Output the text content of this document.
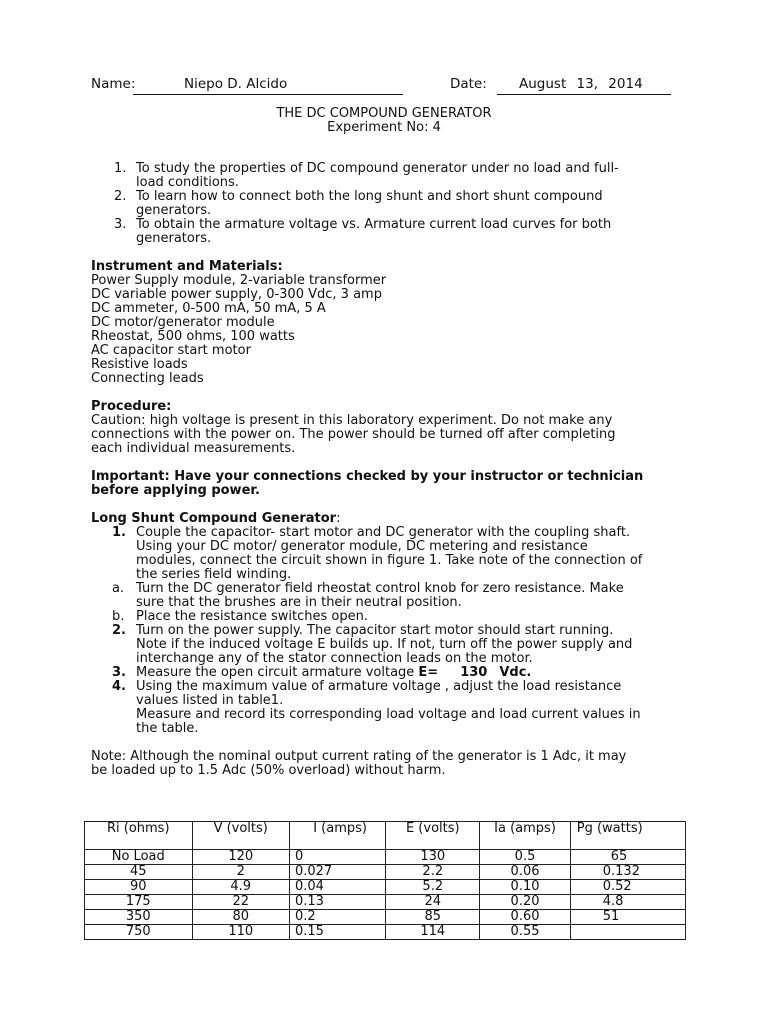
Name:	Niepo D. Alcido	Date: August 13, 2014
THE DC COMPOUND GENERATOR
Experiment No: 4
1. To study the properties of DC compound generator under no load and full-
load conditions.
2. To learn how to connect both the long shunt and short shunt compound
generators.
3. To obtain the armature voltage vs. Armature current load curves for both
generators.
Instrument and Materials:
Power Supply module, 2-variable transformer
DC variable power supply, 0-300 Vdc, 3 amp
DC ammeter, 0-500 mA, 50 mA, 5 A
DC motor/generator module
Rheostat, 500 ohms, 100 watts
AC capacitor start motor
Resistive loads
Connecting leads
Procedure:
Caution: high voltage is present in this laboratory experiment. Do not make any
connections with the power on. The power should be turned off after completing
each individual measurements.
Important: Have your connections checked by your instructor or technician
before applying power.
Long Shunt Compound Generator:
1. Couple the capacitor- start motor and DC generator with the coupling shaft.
Using your DC motor/ generator module, DC metering and resistance
modules, connect the circuit shown in figure 1. Take note of the connection of
the series field winding.
a. Turn the DC generator field rheostat control knob for zero resistance. Make
sure that the brushes are in their neutral position.
b. Place the resistance switches open.
2. Turn on the power supply. The capacitor start motor should start running.
Note if the induced voltage E builds up. If not, turn off the power supply and
interchange any of the stator connection leads on the motor.
3. Measure the open circuit armature voltage E= 130 Vdc.
4. Using the maximum value of armature voltage , adjust the load resistance
values listed in table1.
Measure and record its corresponding load voltage and load current values in
the table.
Note: Although the nominal output current rating of the generator is 1 Adc, it may
be loaded up to 1.5 Adc (50% overload) without harm.
Ri (ohms)	V (volts)	I (amps)	E (volts)	Ia (amps)	Pg (watts)
No Load	120	0	130	0.5	65
45	2	0.027	2.2	0.06	0.132
90	4.9	0.04	5.2	0.10	0.52
175	22	0.13	24	0.20	4.8
350	80	0.2	85	0.60	51
750	110	0.15	114	0.55	
